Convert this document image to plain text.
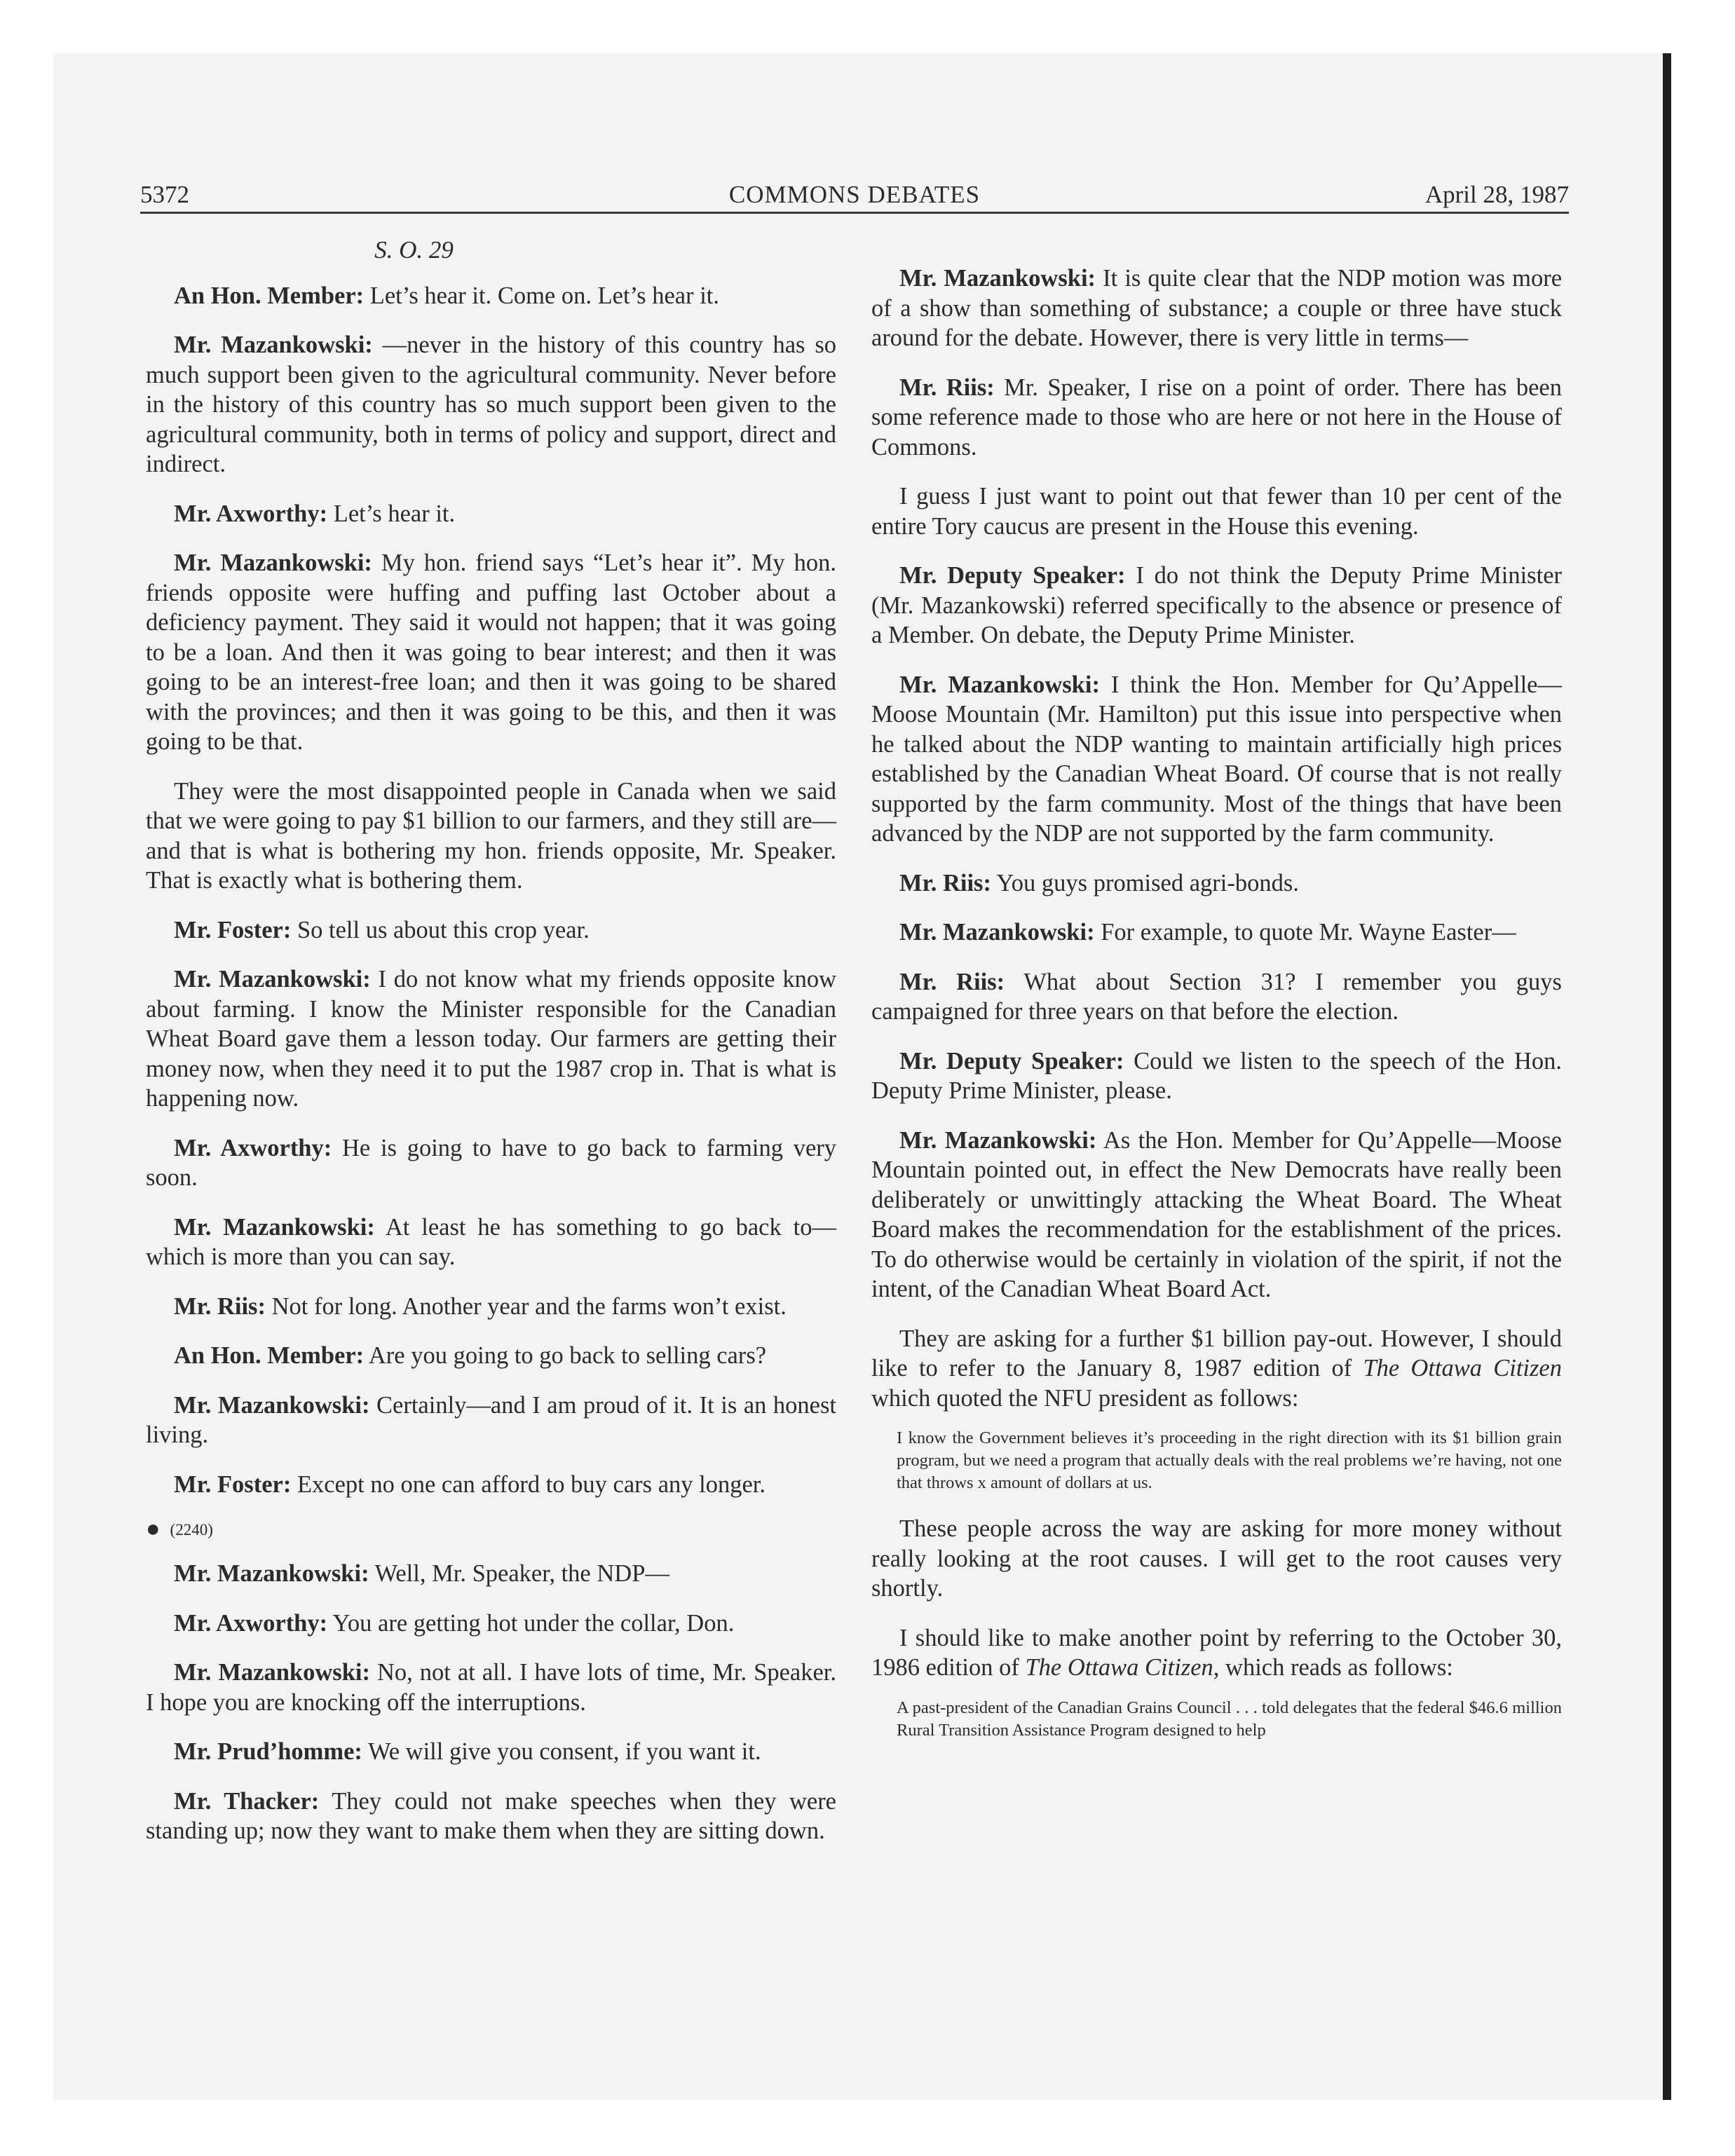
5372	COMMONS DEBATES	April 28, 1987
S. O. 29

An Hon. Member: Let’s hear it. Come on. Let’s hear it.

Mr. Mazankowski: —never in the history of this country has so much support been given to the agricultural community. Never before in the history of this country has so much support been given to the agricultural community, both in terms of policy and support, direct and indirect.

Mr. Axworthy: Let’s hear it.

Mr. Mazankowski: My hon. friend says “Let’s hear it”. My hon. friends opposite were huffing and puffing last October about a deficiency payment. They said it would not happen; that it was going to be a loan. And then it was going to bear interest; and then it was going to be an interest-free loan; and then it was going to be shared with the provinces; and then it was going to be this, and then it was going to be that.

They were the most disappointed people in Canada when we said that we were going to pay $1 billion to our farmers, and they still are—and that is what is bothering my hon. friends opposite, Mr. Speaker. That is exactly what is bothering them.

Mr. Foster: So tell us about this crop year.

Mr. Mazankowski: I do not know what my friends opposite know about farming. I know the Minister responsible for the Canadian Wheat Board gave them a lesson today. Our farmers are getting their money now, when they need it to put the 1987 crop in. That is what is happening now.

Mr. Axworthy: He is going to have to go back to farming very soon.

Mr. Mazankowski: At least he has something to go back to—which is more than you can say.

Mr. Riis: Not for long. Another year and the farms won’t exist.

An Hon. Member: Are you going to go back to selling cars?

Mr. Mazankowski: Certainly—and I am proud of it. It is an honest living.

Mr. Foster: Except no one can afford to buy cars any longer.

● (2240)

Mr. Mazankowski: Well, Mr. Speaker, the NDP—

Mr. Axworthy: You are getting hot under the collar, Don.

Mr. Mazankowski: No, not at all. I have lots of time, Mr. Speaker. I hope you are knocking off the interruptions.

Mr. Prud’homme: We will give you consent, if you want it.

Mr. Thacker: They could not make speeches when they were standing up; now they want to make them when they are sitting down.

Mr. Mazankowski: It is quite clear that the NDP motion was more of a show than something of substance; a couple or three have stuck around for the debate. However, there is very little in terms—

Mr. Riis: Mr. Speaker, I rise on a point of order. There has been some reference made to those who are here or not here in the House of Commons.

I guess I just want to point out that fewer than 10 per cent of the entire Tory caucus are present in the House this evening.

Mr. Deputy Speaker: I do not think the Deputy Prime Minister (Mr. Mazankowski) referred specifically to the absence or presence of a Member. On debate, the Deputy Prime Minister.

Mr. Mazankowski: I think the Hon. Member for Qu’Appelle—Moose Mountain (Mr. Hamilton) put this issue into perspective when he talked about the NDP wanting to maintain artificially high prices established by the Canadian Wheat Board. Of course that is not really supported by the farm community. Most of the things that have been advanced by the NDP are not supported by the farm community.

Mr. Riis: You guys promised agri-bonds.

Mr. Mazankowski: For example, to quote Mr. Wayne Easter—

Mr. Riis: What about Section 31? I remember you guys campaigned for three years on that before the election.

Mr. Deputy Speaker: Could we listen to the speech of the Hon. Deputy Prime Minister, please.

Mr. Mazankowski: As the Hon. Member for Qu’Appelle—Moose Mountain pointed out, in effect the New Democrats have really been deliberately or unwittingly attacking the Wheat Board. The Wheat Board makes the recommendation for the establishment of the prices. To do otherwise would be certainly in violation of the spirit, if not the intent, of the Canadian Wheat Board Act.

They are asking for a further $1 billion pay-out. However, I should like to refer to the January 8, 1987 edition of The Ottawa Citizen which quoted the NFU president as follows:

I know the Government believes it’s proceeding in the right direction with its $1 billion grain program, but we need a program that actually deals with the real problems we’re having, not one that throws x amount of dollars at us.

These people across the way are asking for more money without really looking at the root causes. I will get to the root causes very shortly.

I should like to make another point by referring to the October 30, 1986 edition of The Ottawa Citizen, which reads as follows:

A past-president of the Canadian Grains Council . . . told delegates that the federal $46.6 million Rural Transition Assistance Program designed to help
